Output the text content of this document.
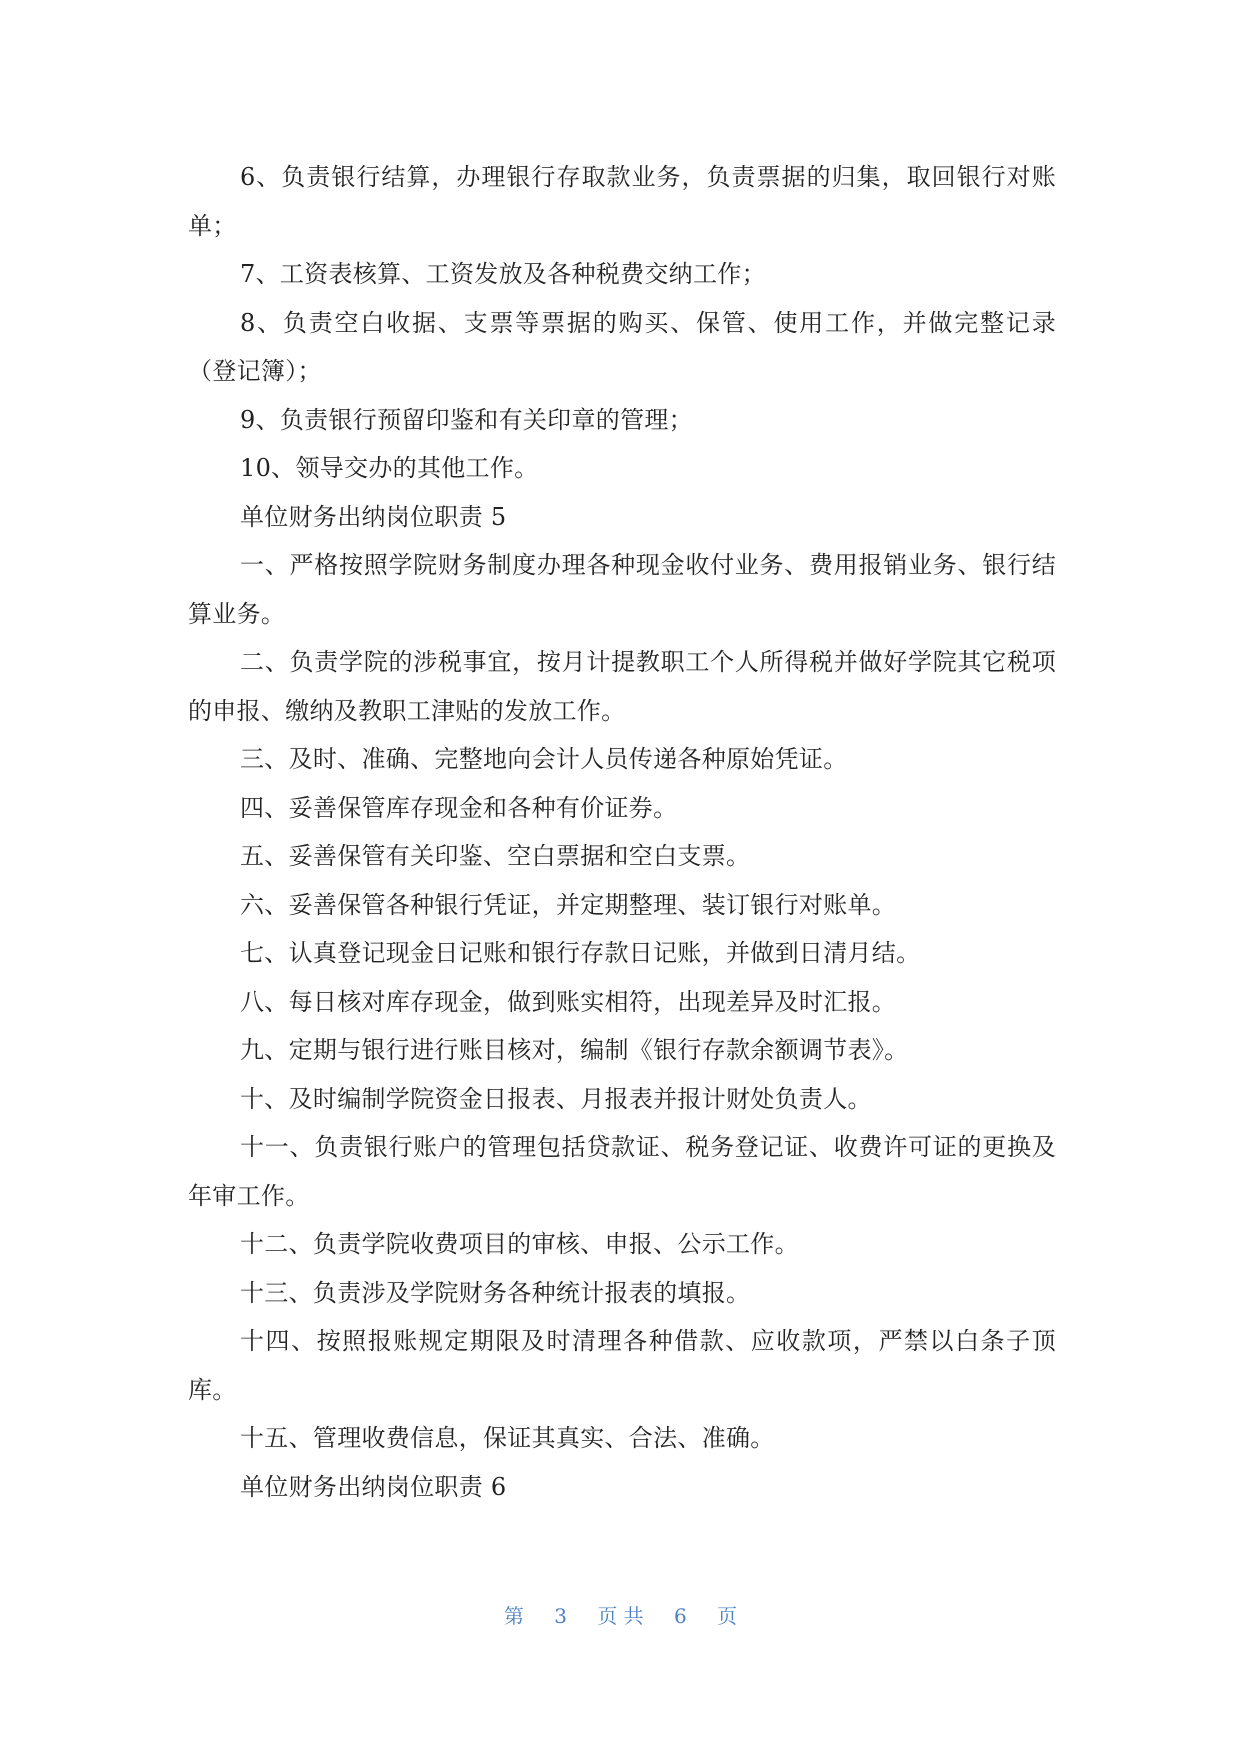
6、负责银行结算，办理银行存取款业务，负责票据的归集，取回银行对账单；

7、工资表核算、工资发放及各种税费交纳工作；

8、负责空白收据、支票等票据的购买、保管、使用工作，并做完整记录（登记簿）；

9、负责银行预留印鉴和有关印章的管理；

10、领导交办的其他工作。

单位财务出纳岗位职责 5

一、严格按照学院财务制度办理各种现金收付业务、费用报销业务、银行结算业务。

二、负责学院的涉税事宜，按月计提教职工个人所得税并做好学院其它税项的申报、缴纳及教职工津贴的发放工作。

三、及时、准确、完整地向会计人员传递各种原始凭证。

四、妥善保管库存现金和各种有价证券。

五、妥善保管有关印鉴、空白票据和空白支票。

六、妥善保管各种银行凭证，并定期整理、装订银行对账单。

七、认真登记现金日记账和银行存款日记账，并做到日清月结。

八、每日核对库存现金，做到账实相符，出现差异及时汇报。

九、定期与银行进行账目核对，编制《银行存款余额调节表》。

十、及时编制学院资金日报表、月报表并报计财处负责人。

十一、负责银行账户的管理包括贷款证、税务登记证、收费许可证的更换及年审工作。

十二、负责学院收费项目的审核、申报、公示工作。

十三、负责涉及学院财务各种统计报表的填报。

十四、按照报账规定期限及时清理各种借款、应收款项，严禁以白条子顶库。

十五、管理收费信息，保证其真实、合法、准确。

单位财务出纳岗位职责 6

第 3 页 共 6 页
